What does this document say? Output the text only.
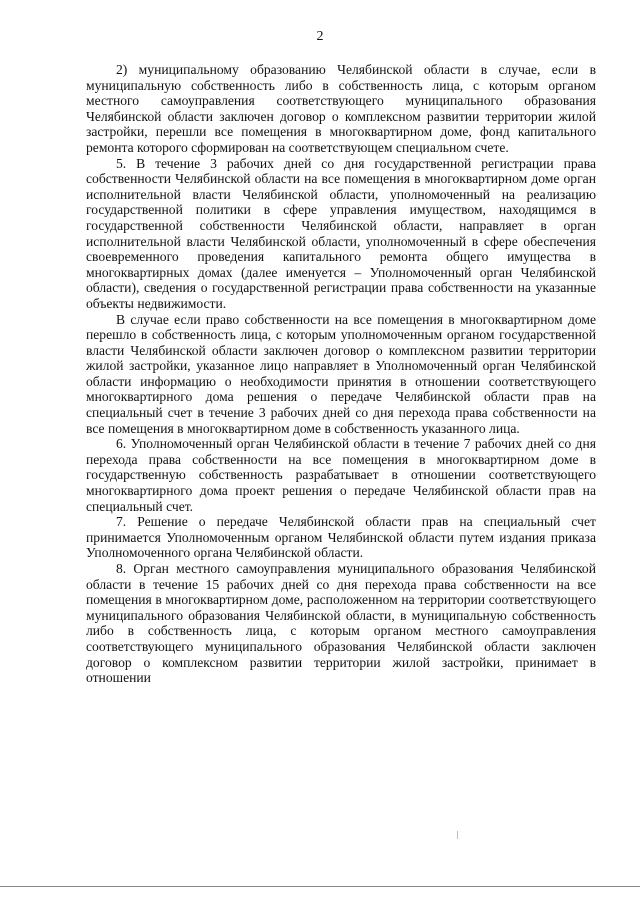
2

2) муниципальному образованию Челябинской области в случае, если в муниципальную собственность либо в собственность лица, с которым органом местного самоуправления соответствующего муниципального образования Челябинской области заключен договор о комплексном развитии территории жилой застройки, перешли все помещения в многоквартирном доме, фонд капитального ремонта которого сформирован на соответствующем специальном счете.

5. В течение 3 рабочих дней со дня государственной регистрации права собственности Челябинской области на все помещения в многоквартирном доме орган исполнительной власти Челябинской области, уполномоченный на реализацию государственной политики в сфере управления имуществом, находящимся в государственной собственности Челябинской области, направляет в орган исполнительной власти Челябинской области, уполномоченный в сфере обеспечения своевременного проведения капитального ремонта общего имущества в многоквартирных домах (далее именуется – Уполномоченный орган Челябинской области), сведения о государственной регистрации права собственности на указанные объекты недвижимости.

В случае если право собственности на все помещения в многоквартирном доме перешло в собственность лица, с которым уполномоченным органом государственной власти Челябинской области заключен договор о комплексном развитии территории жилой застройки, указанное лицо направляет в Уполномоченный орган Челябинской области информацию о необходимости принятия в отношении соответствующего многоквартирного дома решения о передаче Челябинской области прав на специальный счет в течение 3 рабочих дней со дня перехода права собственности на все помещения в многоквартирном доме в собственность указанного лица.

6. Уполномоченный орган Челябинской области в течение 7 рабочих дней со дня перехода права собственности на все помещения в многоквартирном доме в государственную собственность разрабатывает в отношении соответствующего многоквартирного дома проект решения о передаче Челябинской области прав на специальный счет.

7. Решение о передаче Челябинской области прав на специальный счет принимается Уполномоченным органом Челябинской области путем издания приказа Уполномоченного органа Челябинской области.

8. Орган местного самоуправления муниципального образования Челябинской области в течение 15 рабочих дней со дня перехода права собственности на все помещения в многоквартирном доме, расположенном на территории соответствующего муниципального образования Челябинской области, в муниципальную собственность либо в собственность лица, с которым органом местного самоуправления соответствующего муниципального образования Челябинской области заключен договор о комплексном развитии территории жилой застройки, принимает в отношении
